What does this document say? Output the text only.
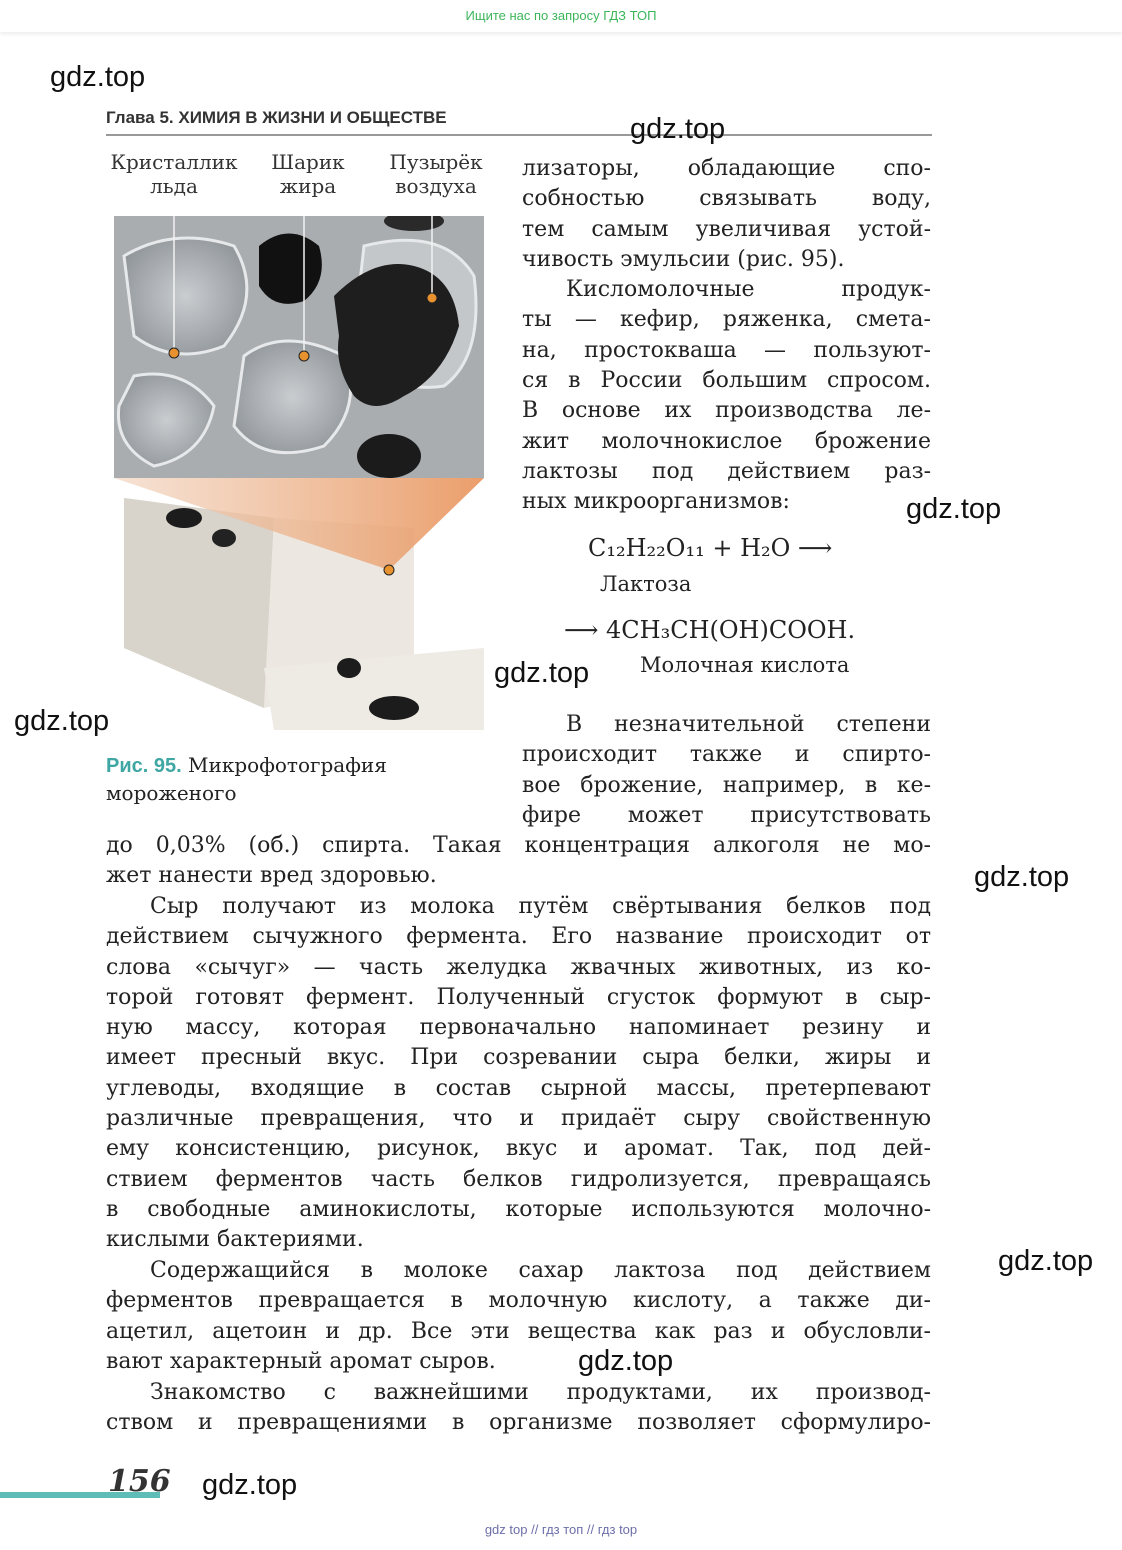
Ищите нас по запросу ГДЗ ТОП
Глава 5. ХИМИЯ В ЖИЗНИ И ОБЩЕСТВЕ
Кристаллик
льда
Шарик
жира
Пузырёк
воздуха
Рис. 95. Микрофотография
мороженого
лизаторы, обладающие спо-
собностью связывать воду,
тем самым увеличивая устой-
чивость эмульсии (рис. 95).
Кисломолочные продук-
ты — кефир, ряженка, смета-
на, простокваша — пользуют-
ся в России большим спросом.
В основе их производства ле-
жит молочнокислое брожение
лактозы под действием раз-
ных микроорганизмов:
C₁₂H₂₂O₁₁ + H₂O ⟶
Лактоза
⟶ 4CH₃CH(OH)COOH.
Молочная кислота
В незначительной степени
происходит также и спирто-
вое брожение, например, в ке-
фире может присутствовать
до 0,03% (об.) спирта. Такая концентрация алкоголя не мо-
жет нанести вред здоровью.
Сыр получают из молока путём свёртывания белков под
действием сычужного фермента. Его название происходит от
слова «сычуг» — часть желудка жвачных животных, из ко-
торой готовят фермент. Полученный сгусток формуют в сыр-
ную массу, которая первоначально напоминает резину и
имеет пресный вкус. При созревании сыра белки, жиры и
углеводы, входящие в состав сырной массы, претерпевают
различные превращения, что и придаёт сыру свойственную
ему консистенцию, рисунок, вкус и аромат. Так, под дей-
ствием ферментов часть белков гидролизуется, превращаясь
в свободные аминокислоты, которые используются молочно-
кислыми бактериями.
Содержащийся в молоке сахар лактоза под действием
ферментов превращается в молочную кислоту, а также ди-
ацетил, ацетоин и др. Все эти вещества как раз и обусловли-
вают характерный аромат сыров.
Знакомство с важнейшими продуктами, их производ-
ством и превращениями в организме позволяет сформулиро-
156
gdz.top
gdz.top
gdz.top
gdz.top
gdz.top
gdz.top
gdz.top
gdz.top
gdz.top
gdz top // гдз топ // гдз top
